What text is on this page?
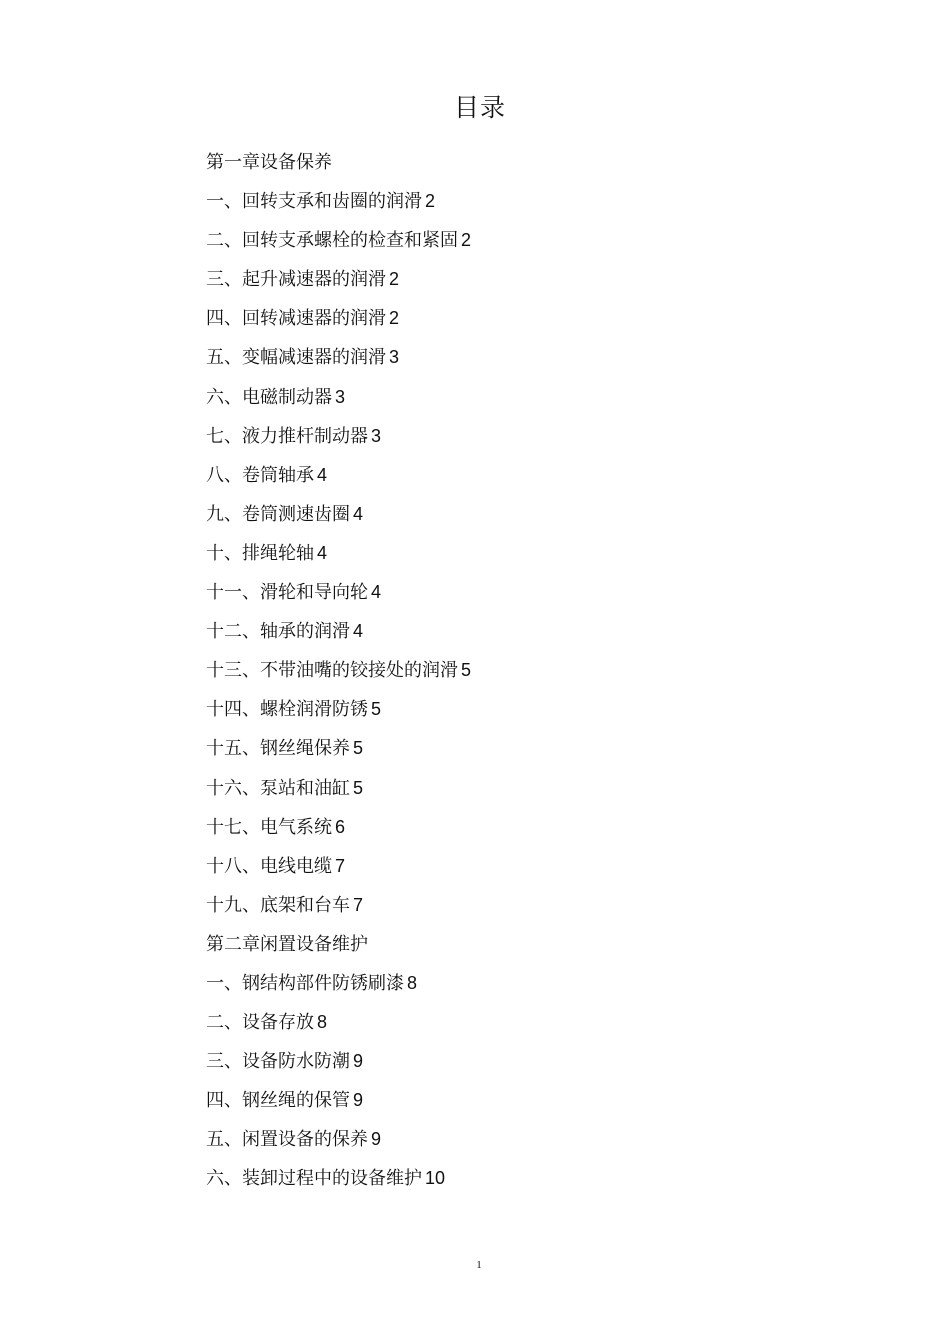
目录
第一章设备保养
一、回转支承和齿圈的润滑 2
二、回转支承螺栓的检查和紧固 2
三、起升减速器的润滑 2
四、回转减速器的润滑 2
五、变幅减速器的润滑 3
六、电磁制动器 3
七、液力推杆制动器 3
八、卷筒轴承 4
九、卷筒测速齿圈 4
十、排绳轮轴 4
十一、滑轮和导向轮 4
十二、轴承的润滑 4
十三、不带油嘴的铰接处的润滑 5
十四、螺栓润滑防锈 5
十五、钢丝绳保养 5
十六、泵站和油缸 5
十七、电气系统 6
十八、电线电缆 7
十九、底架和台车 7
第二章闲置设备维护
一、钢结构部件防锈刷漆 8
二、设备存放 8
三、设备防水防潮 9
四、钢丝绳的保管 9
五、闲置设备的保养 9
六、装卸过程中的设备维护 10
1
